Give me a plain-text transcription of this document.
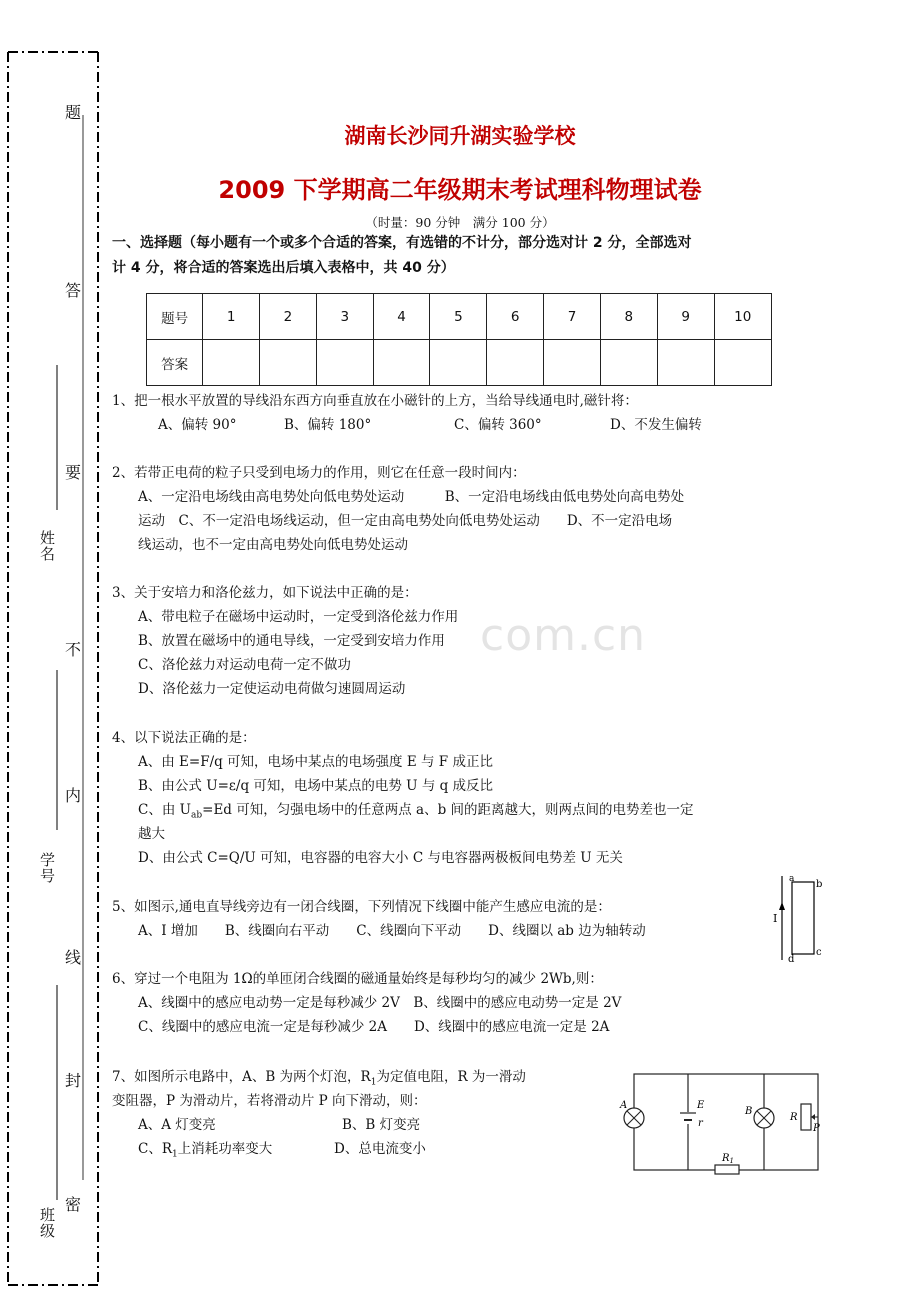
题
答
要
不
内
线
封
密
班级
姓名
学号
湖南长沙同升湖实验学校
2009 下学期高二年级期末考试理科物理试卷
（时量：90 分钟　满分 100 分）
一、选择题（每小题有一个或多个合适的答案，有选错的不计分，部分选对计 2 分，全部选对
计 4 分，将合适的答案选出后填入表格中，共 40 分）
com.cn
题号	1	2	3	4	5	6	7	8	9	10
答案										
1、把一根水平放置的导线沿东西方向垂直放在小磁针的上方，当给导线通电时,磁针将：
A、偏转 90°	B、偏转 180°	C、偏转 360°	D、不发生偏转
2、若带正电荷的粒子只受到电场力的作用，则它在任意一段时间内：
A、一定沿电场线由高电势处向低电势处运动　　　B、一定沿电场线由低电势处向高电势处
运动　C、不一定沿电场线运动，但一定由高电势处向低电势处运动　　D、不一定沿电场
线运动，也不一定由高电势处向低电势处运动
3、关于安培力和洛伦兹力，如下说法中正确的是：
A、带电粒子在磁场中运动时，一定受到洛伦兹力作用
B、放置在磁场中的通电导线，一定受到安培力作用
C、洛伦兹力对运动电荷一定不做功
D、洛伦兹力一定使运动电荷做匀速圆周运动
4、以下说法正确的是：
A、由 E=F/q 可知，电场中某点的电场强度 E 与 F 成正比
B、由公式 U=ε/q 可知，电场中某点的电势 U 与 q 成反比
C、由 $U_{ab}=Ed$ 可知，匀强电场中的任意两点 a、b 间的距离越大，则两点间的电势差也一定
越大
D、由公式 C=Q/U 可知，电容器的电容大小 C 与电容器两极板间电势差 U 无关
5、如图示,通电直导线旁边有一闭合线圈，下列情况下线圈中能产生感应电流的是：
A、I 增加　　B、线圈向右平动　　C、线圈向下平动　　D、线圈以 ab 边为轴转动
a b
c
d
I
6、穿过一个电阻为 1Ω的单匝闭合线圈的磁通量始终是每秒均匀的减少 2Wb,则：
A、线圈中的感应电动势一定是每秒减少 2V　B、线圈中的感应电动势一定是 2V
C、线圈中的感应电流一定是每秒减少 2A　　D、线圈中的感应电流一定是 2A
7、如图所示电路中，A、B 为两个灯泡，$R_1$为定值电阻，R 为一滑动
变阻器，P 为滑动片，若将滑动片 P 向下滑动，则：
A、A 灯变亮	B、B 灯变亮
C、$R_1$上消耗功率变大	D、总电流变小
A	E
r
B
R
P
$R_1$
